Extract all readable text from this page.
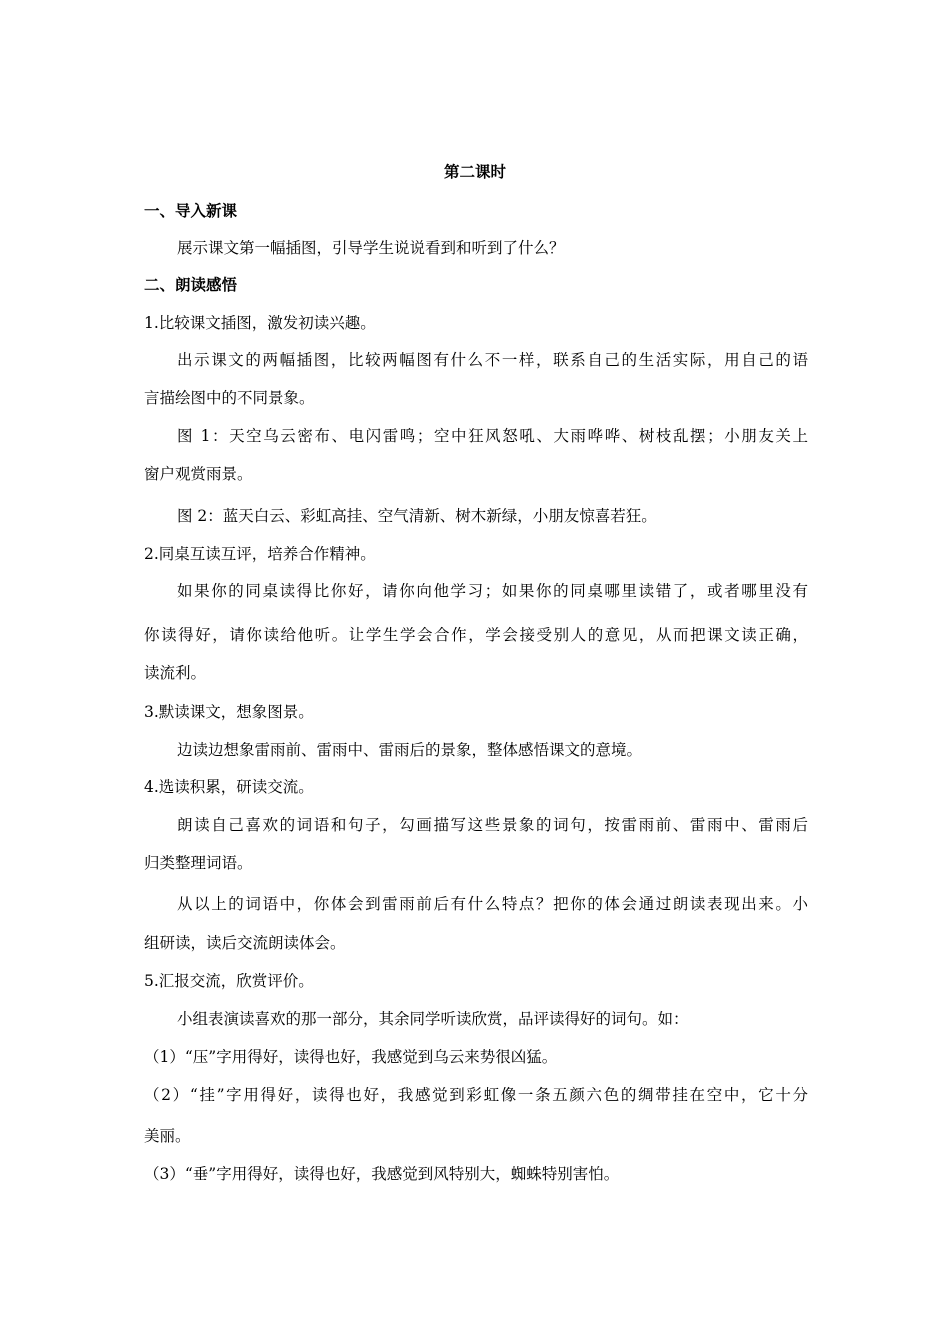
第二课时
一、导入新课
展示课文第一幅插图，引导学生说说看到和听到了什么？
二、朗读感悟
1.比较课文插图，激发初读兴趣。
出示课文的两幅插图，比较两幅图有什么不一样，联系自己的生活实际，用自己的语
言描绘图中的不同景象。
图 1：天空乌云密布、电闪雷鸣；空中狂风怒吼、大雨哗哗、树枝乱摆；小朋友关上
窗户观赏雨景。
图 2：蓝天白云、彩虹高挂、空气清新、树木新绿，小朋友惊喜若狂。
2.同桌互读互评，培养合作精神。
如果你的同桌读得比你好，请你向他学习；如果你的同桌哪里读错了，或者哪里没有
你读得好，请你读给他听。让学生学会合作，学会接受别人的意见，从而把课文读正确，
读流利。
3.默读课文，想象图景。
边读边想象雷雨前、雷雨中、雷雨后的景象，整体感悟课文的意境。
4.选读积累，研读交流。
朗读自己喜欢的词语和句子，勾画描写这些景象的词句，按雷雨前、雷雨中、雷雨后
归类整理词语。
从以上的词语中，你体会到雷雨前后有什么特点？把你的体会通过朗读表现出来。小
组研读，读后交流朗读体会。
5.汇报交流，欣赏评价。
小组表演读喜欢的那一部分，其余同学听读欣赏，品评读得好的词句。如：
（1）“压”字用得好，读得也好，我感觉到乌云来势很凶猛。
（2）“挂”字用得好，读得也好，我感觉到彩虹像一条五颜六色的绸带挂在空中，它十分
美丽。
（3）“垂”字用得好，读得也好，我感觉到风特别大，蜘蛛特别害怕。
